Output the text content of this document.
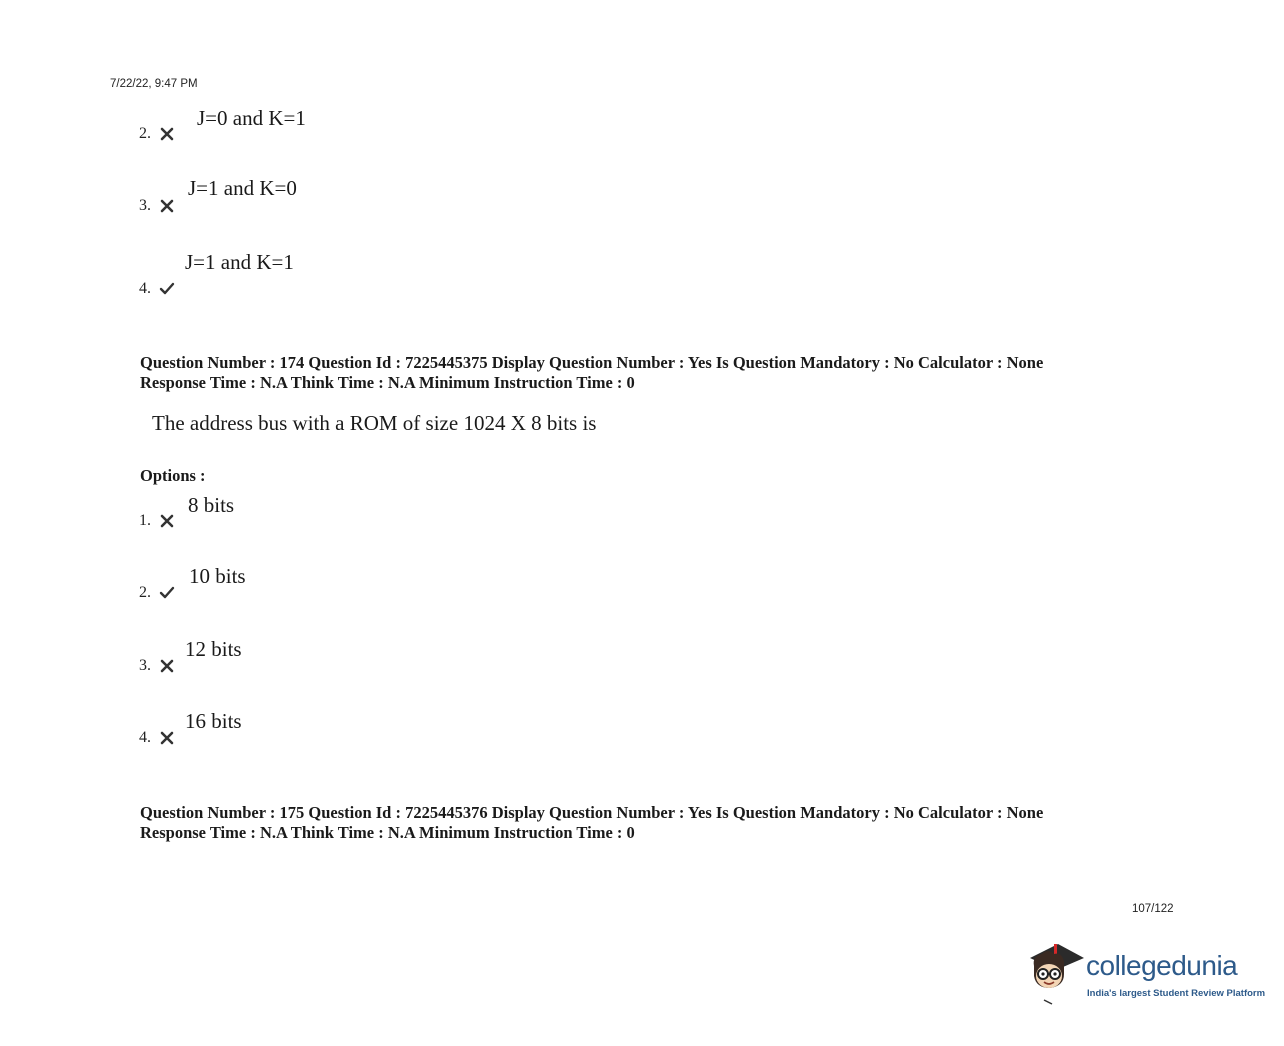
7/22/22, 9:47 PM
J=0 and K=1
2.
J=1 and K=0
3.
J=1 and K=1
4.
Question Number : 174 Question Id : 7225445375 Display Question Number : Yes Is Question Mandatory : No Calculator : None
Response Time : N.A Think Time : N.A Minimum Instruction Time : 0
The address bus with a ROM of size 1024 X 8 bits is
Options :
8 bits
1.
10 bits
2.
12 bits
3.
16 bits
4.
Question Number : 175 Question Id : 7225445376 Display Question Number : Yes Is Question Mandatory : No Calculator : None
Response Time : N.A Think Time : N.A Minimum Instruction Time : 0
107/122
collegedunia
India's largest Student Review Platform
